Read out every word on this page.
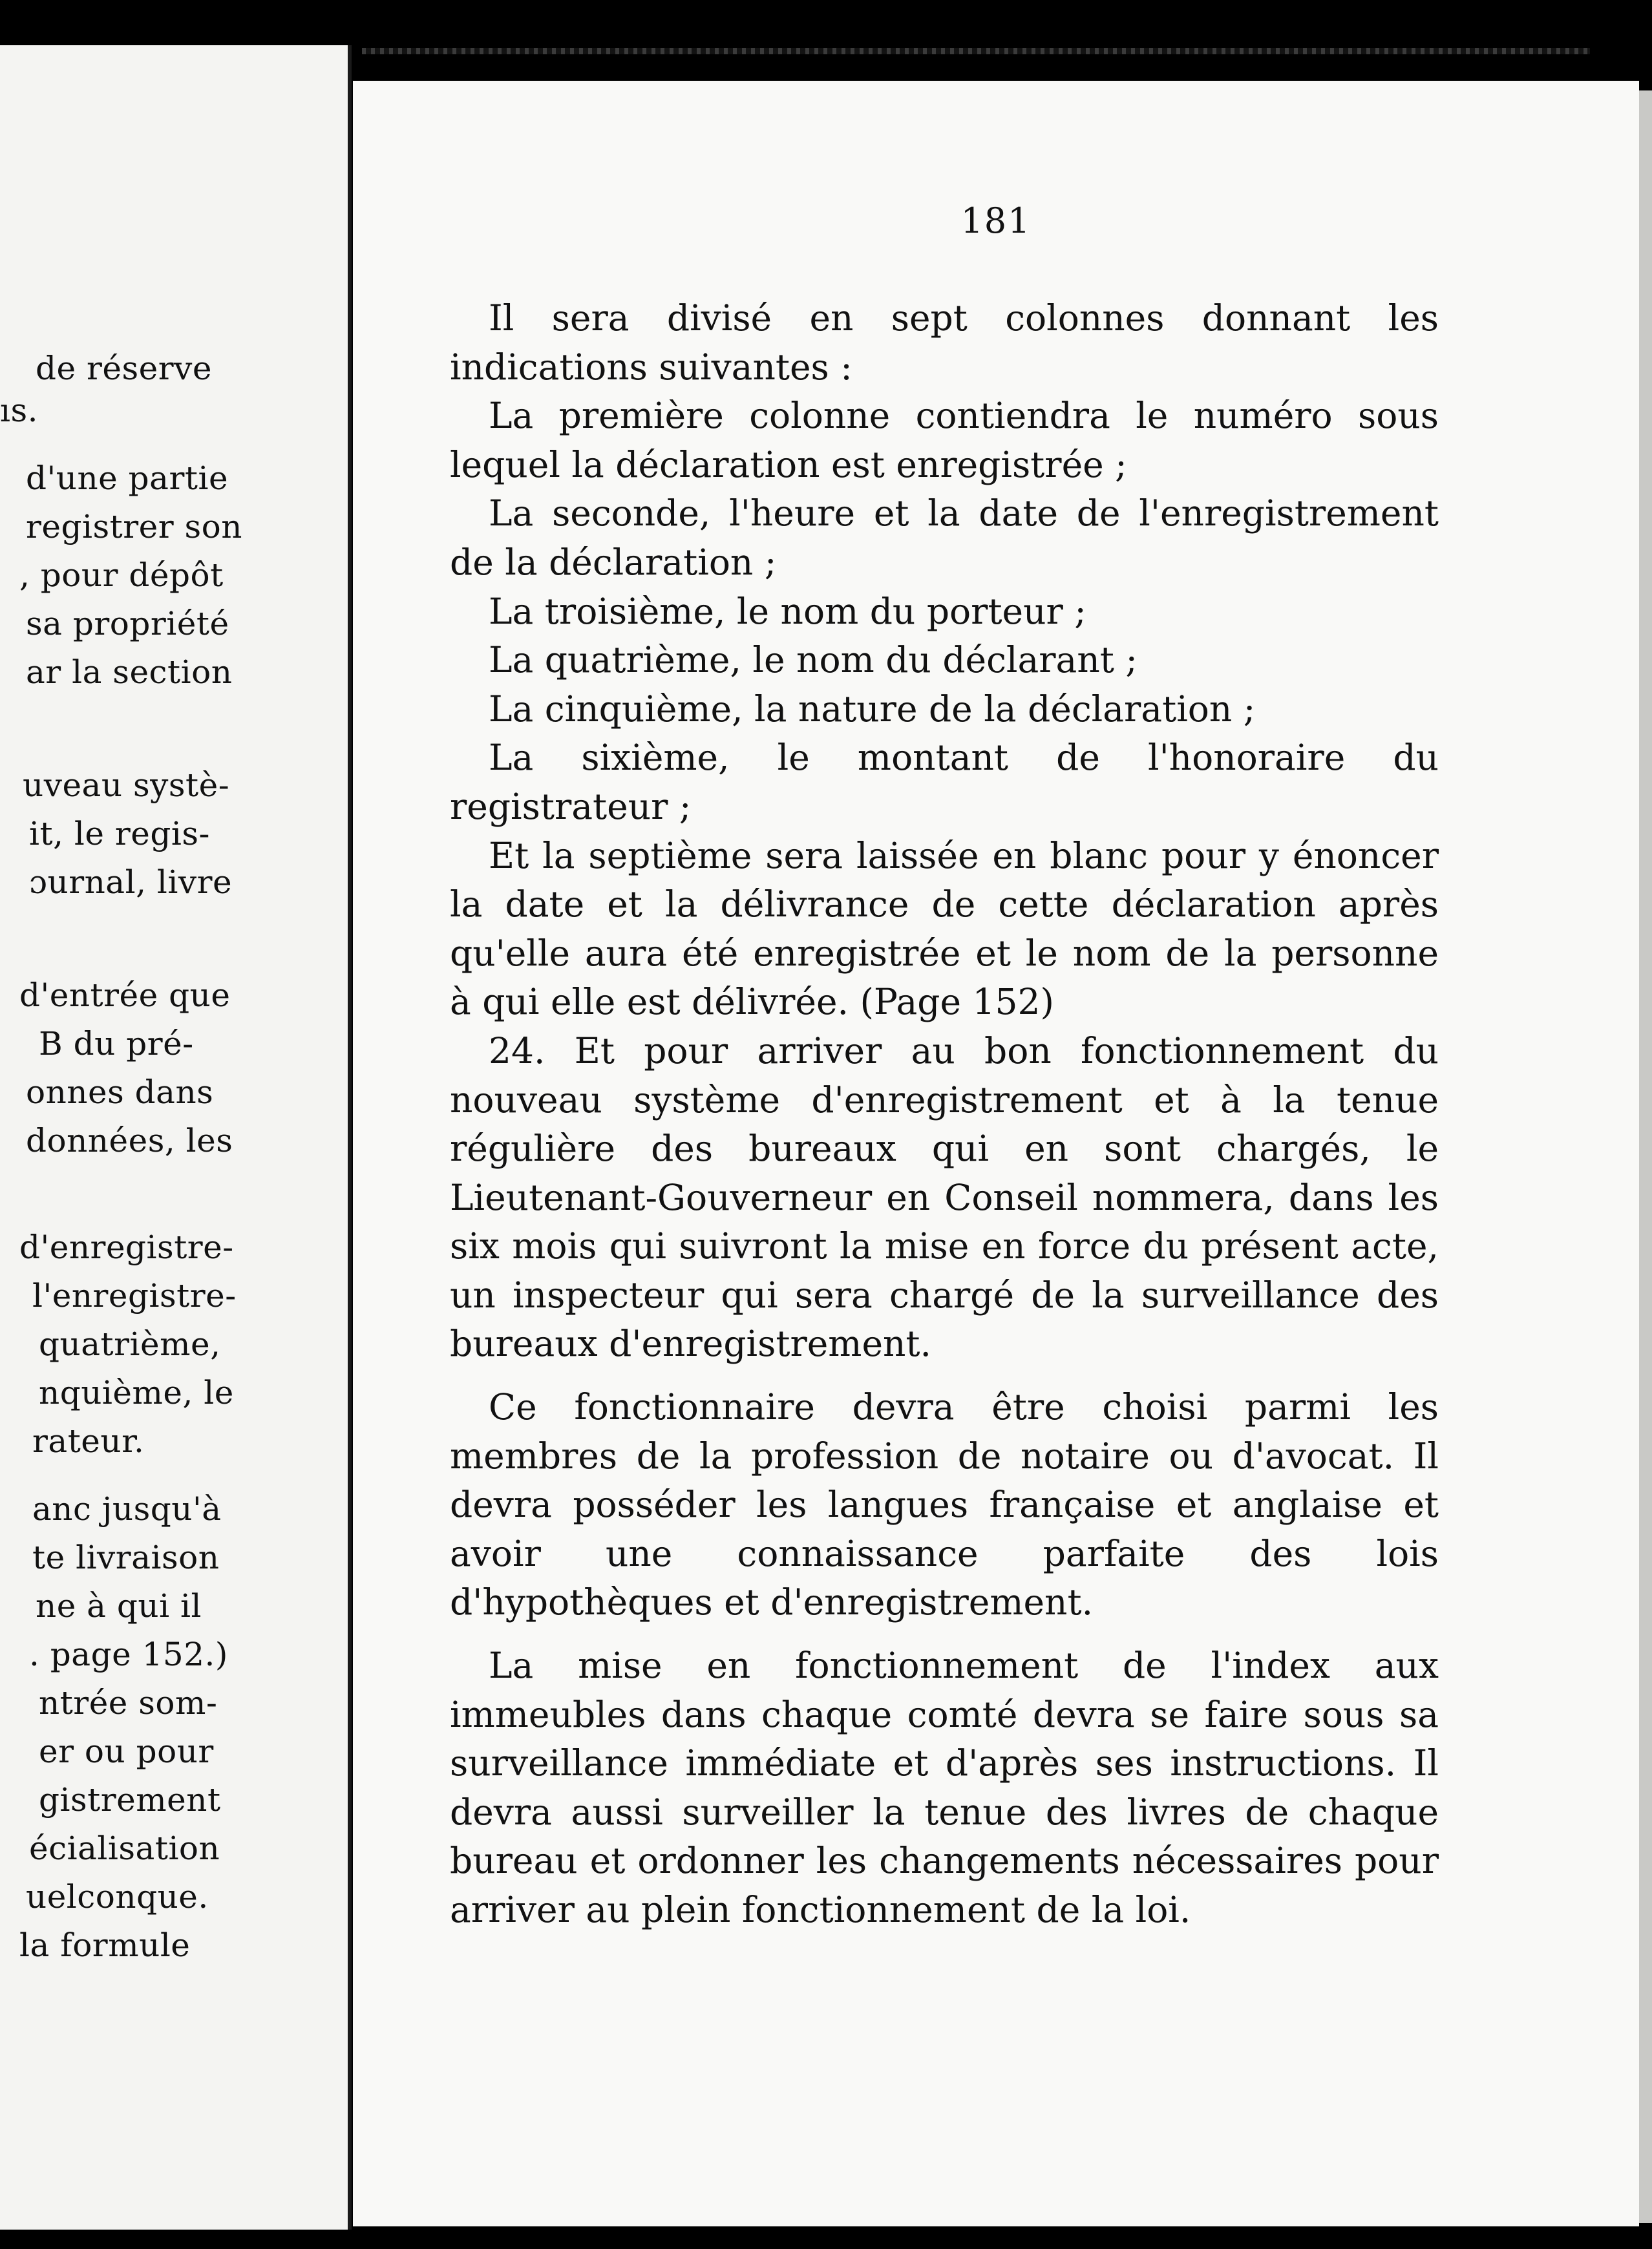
de réserve
ıs.
d'une partie
registrer son
, pour dépôt
sa propriété
ar la section
uveau systè-
it, le regis-
ɔurnal, livre
d'entrée que
B du pré-
onnes dans
données, les
d'enregistre-
l'enregistre-
quatrième,
nquième, le
rateur.
anc jusqu'à
te livraison
ne à qui il
. page 152.)
ntrée som-
er ou pour
gistrement
écialisation
uelconque.
la formule
181

Il sera divisé en sept colonnes donnant les indications suivantes :

La première colonne contiendra le numéro sous lequel la déclaration est enregistrée ;

La seconde, l'heure et la date de l'enregistrement de la déclaration ;

La troisième, le nom du porteur ;

La quatrième, le nom du déclarant ;

La cinquième, la nature de la déclaration ;

La sixième, le montant de l'honoraire du registrateur ;

Et la septième sera laissée en blanc pour y énoncer la date et la délivrance de cette déclaration après qu'elle aura été enregistrée et le nom de la personne à qui elle est délivrée. (Page 152)

24. Et pour arriver au bon fonctionnement du nouveau système d'enregistrement et à la tenue régulière des bureaux qui en sont chargés, le Lieutenant-Gouverneur en Conseil nommera, dans les six mois qui suivront la mise en force du présent acte, un inspecteur qui sera chargé de la surveillance des bureaux d'enregistrement.

Ce fonctionnaire devra être choisi parmi les membres de la profession de notaire ou d'avocat. Il devra posséder les langues française et anglaise et avoir une connaissance parfaite des lois d'hypothèques et d'enregistrement.

La mise en fonctionnement de l'index aux immeubles dans chaque comté devra se faire sous sa surveillance immédiate et d'après ses instructions. Il devra aussi surveiller la tenue des livres de chaque bureau et ordonner les changements nécessaires pour arriver au plein fonctionnement de la loi.
